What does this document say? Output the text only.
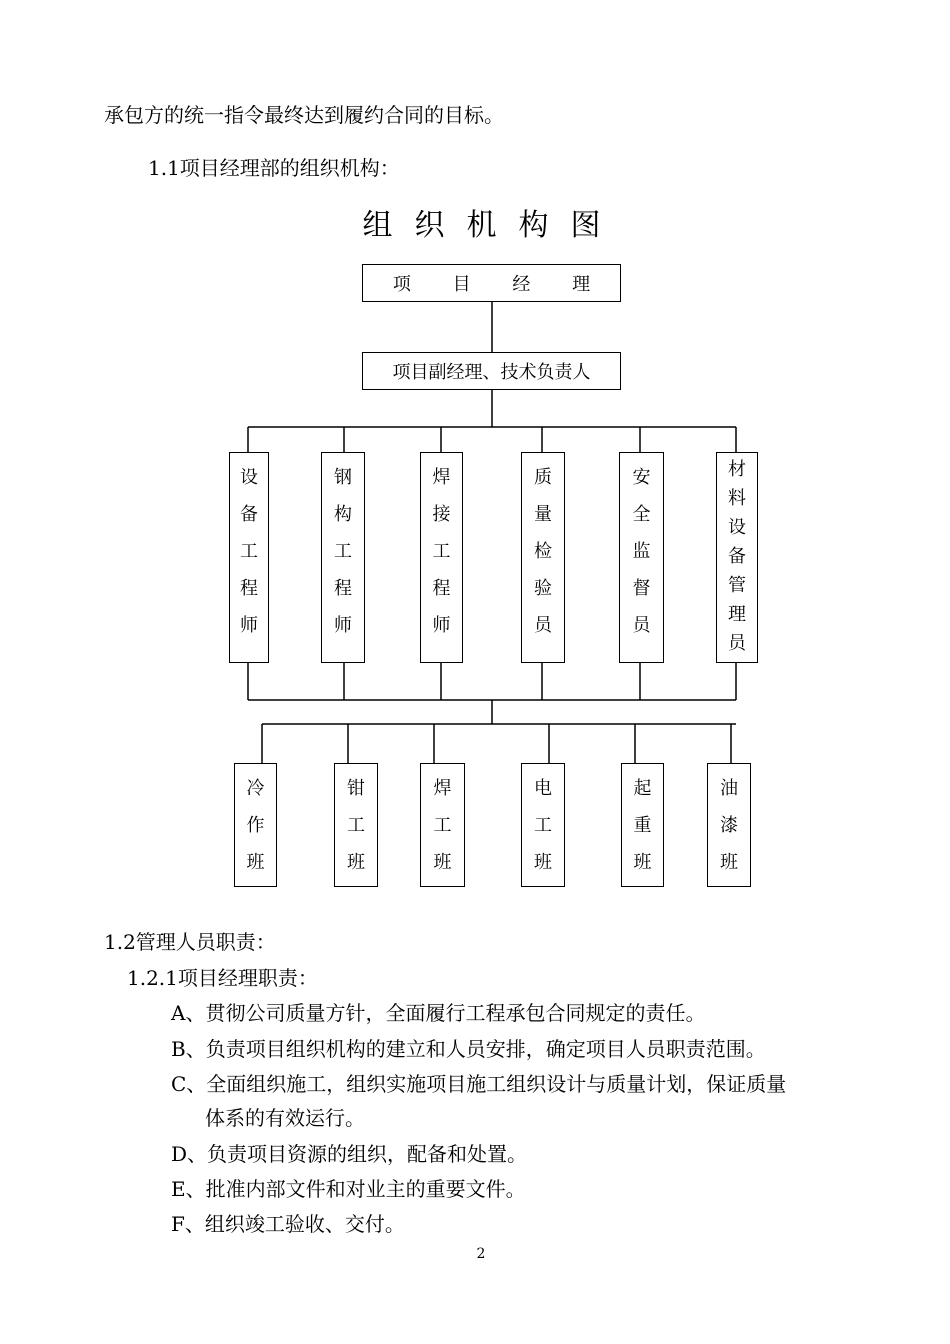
承包方的统一指令最终达到履约合同的目标。
1.1项目经理部的组织机构：
组织机构图
项 目 经 理
项目副经理、技术负责人
设备工程师
钢构工程师
焊接工程师
质量检验员
安全监督员
材料设备管理员
冷作班
钳工班
焊工班
电工班
起重班
油漆班
1.2管理人员职责：
1.2.1项目经理职责：
A、贯彻公司质量方针，全面履行工程承包合同规定的责任。
B、负责项目组织机构的建立和人员安排，确定项目人员职责范围。
C、全面组织施工，组织实施项目施工组织设计与质量计划，保证质量
体系的有效运行。
D、负责项目资源的组织，配备和处置。
E、批准内部文件和对业主的重要文件。
F、组织竣工验收、交付。
2
